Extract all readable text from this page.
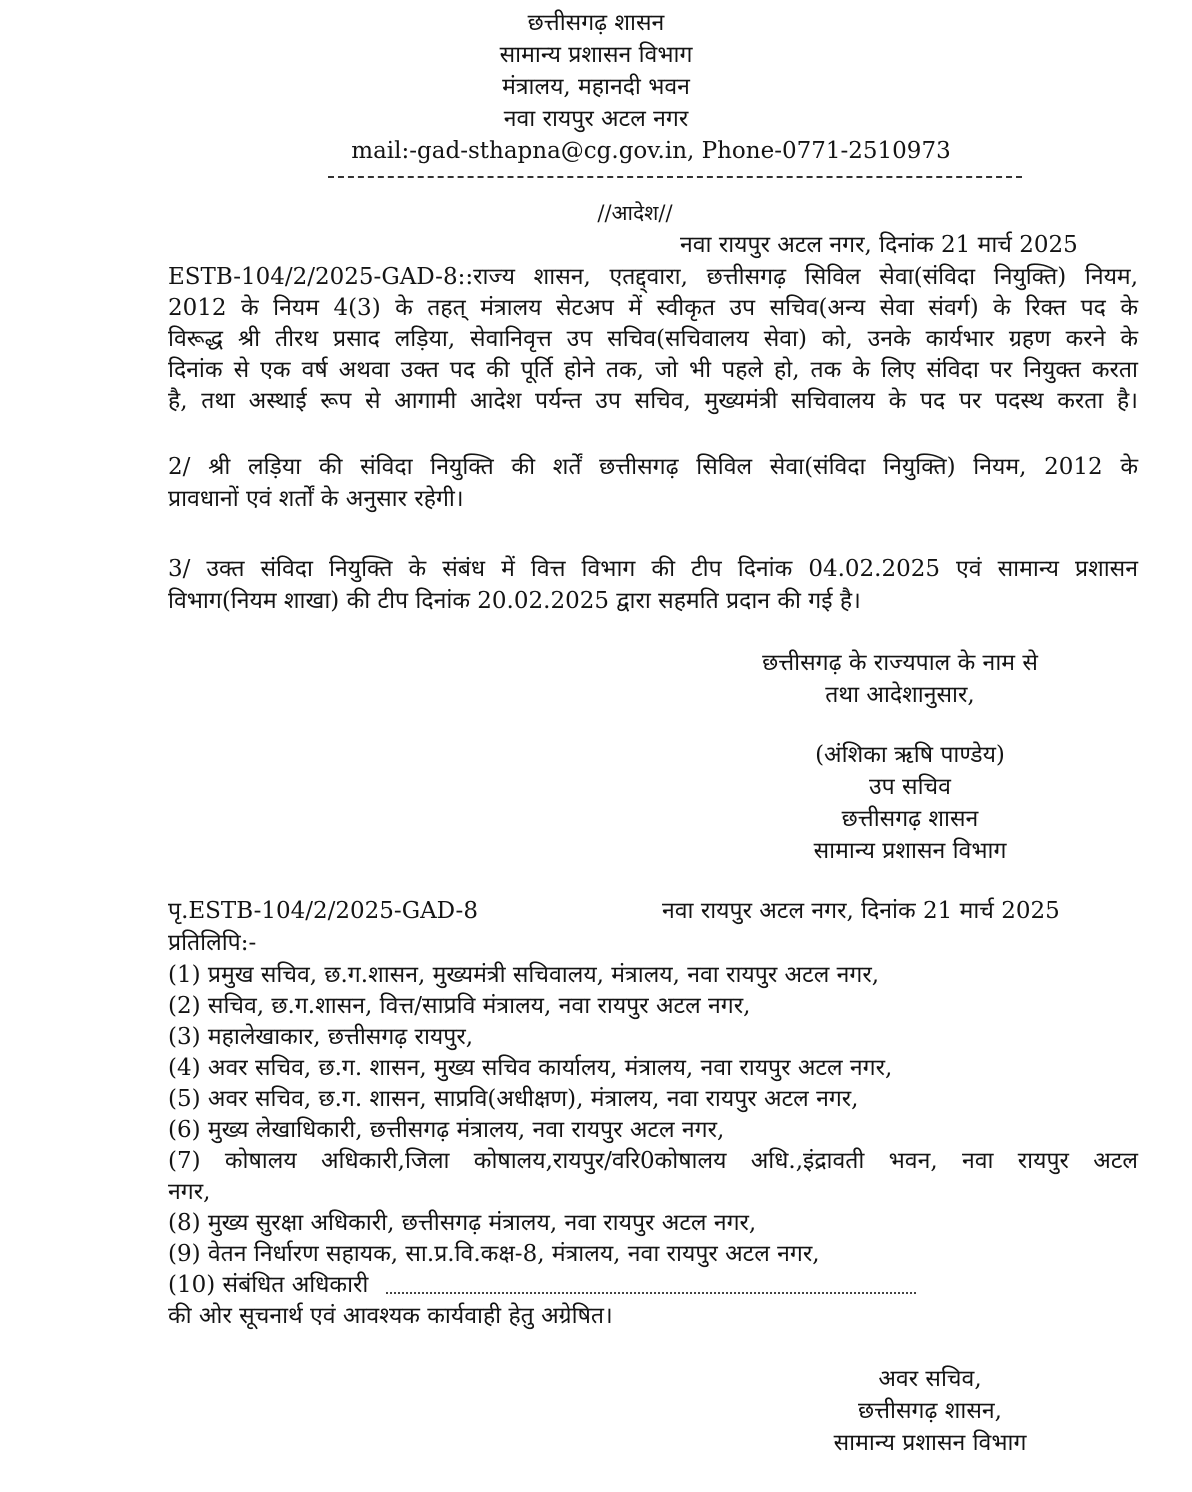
छत्तीसगढ़ शासन
सामान्य प्रशासन विभाग
मंत्रालय, महानदी भवन
नवा रायपुर अटल नगर
mail:-gad-sthapna@cg.gov.in, Phone-0771-2510973
//आदेश//
नवा रायपुर अटल नगर, दिनांक 21 मार्च 2025
ESTB-104/2/2025-GAD-8::राज्य शासन, एतद्द्वारा, छत्तीसगढ़ सिविल सेवा(संविदा नियुक्ति) नियम,
2012 के नियम 4(3) के तहत् मंत्रालय सेटअप में स्वीकृत उप सचिव(अन्य सेवा संवर्ग) के रिक्त पद के
विरूद्ध श्री तीरथ प्रसाद लड़िया, सेवानिवृत्त उप सचिव(सचिवालय सेवा) को, उनके कार्यभार ग्रहण करने के
दिनांक से एक वर्ष अथवा उक्त पद की पूर्ति होने तक, जो भी पहले हो, तक के लिए संविदा पर नियुक्त करता
है, तथा अस्थाई रूप से आगामी आदेश पर्यन्त उप सचिव, मुख्यमंत्री सचिवालय के पद पर पदस्थ करता है।
2/ श्री लड़िया की संविदा नियुक्ति की शर्तें छत्तीसगढ़ सिविल सेवा(संविदा नियुक्ति) नियम, 2012 के
प्रावधानों एवं शर्तों के अनुसार रहेगी।
3/ उक्त संविदा नियुक्ति के संबंध में वित्त विभाग की टीप दिनांक 04.02.2025 एवं सामान्य प्रशासन
विभाग(नियम शाखा) की टीप दिनांक 20.02.2025 द्वारा सहमति प्रदान की गई है।
छत्तीसगढ़ के राज्यपाल के नाम से
तथा आदेशानुसार,
(अंशिका ऋषि पाण्डेय)
उप सचिव
छत्तीसगढ़ शासन
सामान्य प्रशासन विभाग
पृ.ESTB-104/2/2025-GAD-8	नवा रायपुर अटल नगर, दिनांक 21 मार्च 2025
प्रतिलिपि:-
(1) प्रमुख सचिव, छ.ग.शासन, मुख्यमंत्री सचिवालय, मंत्रालय, नवा रायपुर अटल नगर,
(2) सचिव, छ.ग.शासन, वित्त/साप्रवि मंत्रालय, नवा रायपुर अटल नगर,
(3) महालेखाकार, छत्तीसगढ़ रायपुर,
(4) अवर सचिव, छ.ग. शासन, मुख्य सचिव कार्यालय, मंत्रालय, नवा रायपुर अटल नगर,
(5) अवर सचिव, छ.ग. शासन, साप्रवि(अधीक्षण), मंत्रालय, नवा रायपुर अटल नगर,
(6) मुख्य लेखाधिकारी, छत्तीसगढ़ मंत्रालय, नवा रायपुर अटल नगर,
(7) कोषालय अधिकारी,जिला कोषालय,रायपुर/वरि0कोषालय अधि.,इंद्रावती भवन, नवा रायपुर अटल
नगर,
(8) मुख्य सुरक्षा अधिकारी, छत्तीसगढ़ मंत्रालय, नवा रायपुर अटल नगर,
(9) वेतन निर्धारण सहायक, सा.प्र.वि.कक्ष-8, मंत्रालय, नवा रायपुर अटल नगर,
(10) संबंधित अधिकारी
की ओर सूचनार्थ एवं आवश्यक कार्यवाही हेतु अग्रेषित।
अवर सचिव,
छत्तीसगढ़ शासन,
सामान्य प्रशासन विभाग
